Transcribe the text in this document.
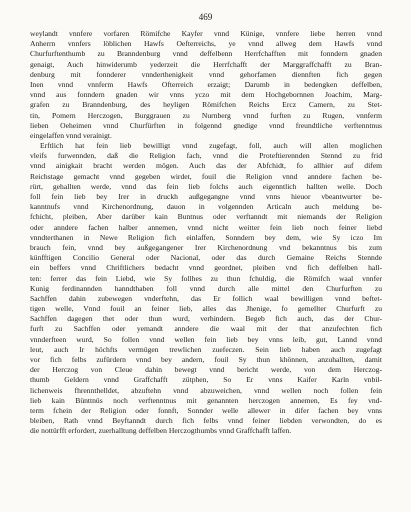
469
weylandt vnnfere vorfaren Römifche Kayfer vnnd Künige, vnnfere liebe herren vnnd
Anherrn vnnfers löblichen Hawfs Oefterreichs, ye vnnd allweg dem Hawfs vnnd
Churfurftenthumb zu Branndenburg vnnd deffelbenn Herrfchafften mit fonndern gnaden
genaigt, Auch hinwiderumb yederzeit die Herrfchafft der Marggraffchafft zu Bran-
denburg mit fonnderer vnnderthenigkeit vnnd gehorfamen diennften fich gegen
Inen vnnd vnnferm Hawfs Ofterreich erzaigt; Darumb in bedengken deffelben,
vnnd aus fonndern gnaden wir vnns yczo mit dem Hochgebornnen Joachim, Marg-
grafen zu Branndenburg, des heyligen Römifchen Reichs Ercz Camern, zu Stet-
tin, Pomern Herczogen, Burggrauen zu Nurnberg vnnd furften zu Rugen, vnnferm
lieben Oeheimen vnnd Churfürften in folgennd gnedige vnnd freundtliche verftenntnus
eingelaffen vnnd veraínigt.
Erftlich hat fein lieb bewilligt vnnd zugefagt, foll, auch will allen moglichen
vleifs furwennden, daß die Religion fach, vnnd die Proteftierennden Stennd zu frid
vnnd ainigkait bracht werden mögen. Auch das der Abfchidt, fo allhier auf difem
Reichstage gemacht vnnd gegeben wirdet, fouil die Religion vnnd anndere fachen be-
rürt, gehallten werde, vnnd das fein lieb folchs auch eigenntlich hallten welle. Doch
foll fein lieb bey Irer in druckh außgegangne vnnd vnns hieuor vbeantwurter be-
kanntnufs vnnd Kirchenordnung, dauon in volgennden Articaln auch meldung be-
fchicht, pleiben, Aber darüber kain Buntnus oder verftanndt mit niemands der Religion
oder anndere fachen halber annemen, vnnd nicht weitter fein lieb noch feiner liebd
vnndterthanen in Newe Religion fich einlaffen, Sonndern bey dem, wie Sy iczo Im
brauch fein, vnnd bey außgegangener Irer Kirchenordnung vnd bekanntnus bis zum
künfftigen Concilio General oder Nacional, oder das durch Gemaine Reichs Stennde
ein beffers vnnd Chriftlichers bedacht vnnd geordnet, pleiben vnd fich deffelben hall-
ten: ferrer das fein Liebd, wie Sy follhes zu thun fchuldig, die Römifch waal vnnfer
Kunig ferdinannden hanndthaben foll vnnd durch alle mittel den Churfurften zu
Sachffen dahin zubewegen vnderftehn, das Er follich waal bewilligen vnnd beftet-
tigen welle, Vnnd fouil an feiner lieb, alles das Jhenige, fo gemellter Churfurft zu
Sachffen dagegen thet oder thun wurd, verhindern. Begeb fich auch, das der Chur-
furft zu Sachffen oder yemandt anndere die waal mit der that anzufechten fich
vnnderfteen wurd, So follen vnnd wellen fein lieb bey vnns leib, gut, Lannd vnnd
leut, auch Ir höchfts vermügen trewlichen zuefeczen. Sein lieb haben auch zugefagt
vor fich felbs zufürdern vnnd bey andern, fouil Sy thun khönnen, anzuhallten, damit
der Herczog von Cleue dahin bewegt vnnd bericht werde, von dem Herczog-
thumb Geldern vnnd Graffchafft zütphen, So Er vnns Kaifer Karln vnbil-
lichenweis fhrennthelldet, abzuftehn vnnd abzuweichen, vnnd wellen noch follen fein
lieb kain Bünttnüs noch verftenntnus mit genannten herczogen annemen, Es fey vnd-
term fchein der Religion oder fonnft, Sonnder welle allewег in difer fachen bey vnns
bleiben, Rath vnnd Beyftanndt durch fich felbs vnnd feiner liebden verwondten, do es
die nottürfft erfordert, zuerhalltung deffelben Herczogthumbs vnnd Graffchafft laffen.
